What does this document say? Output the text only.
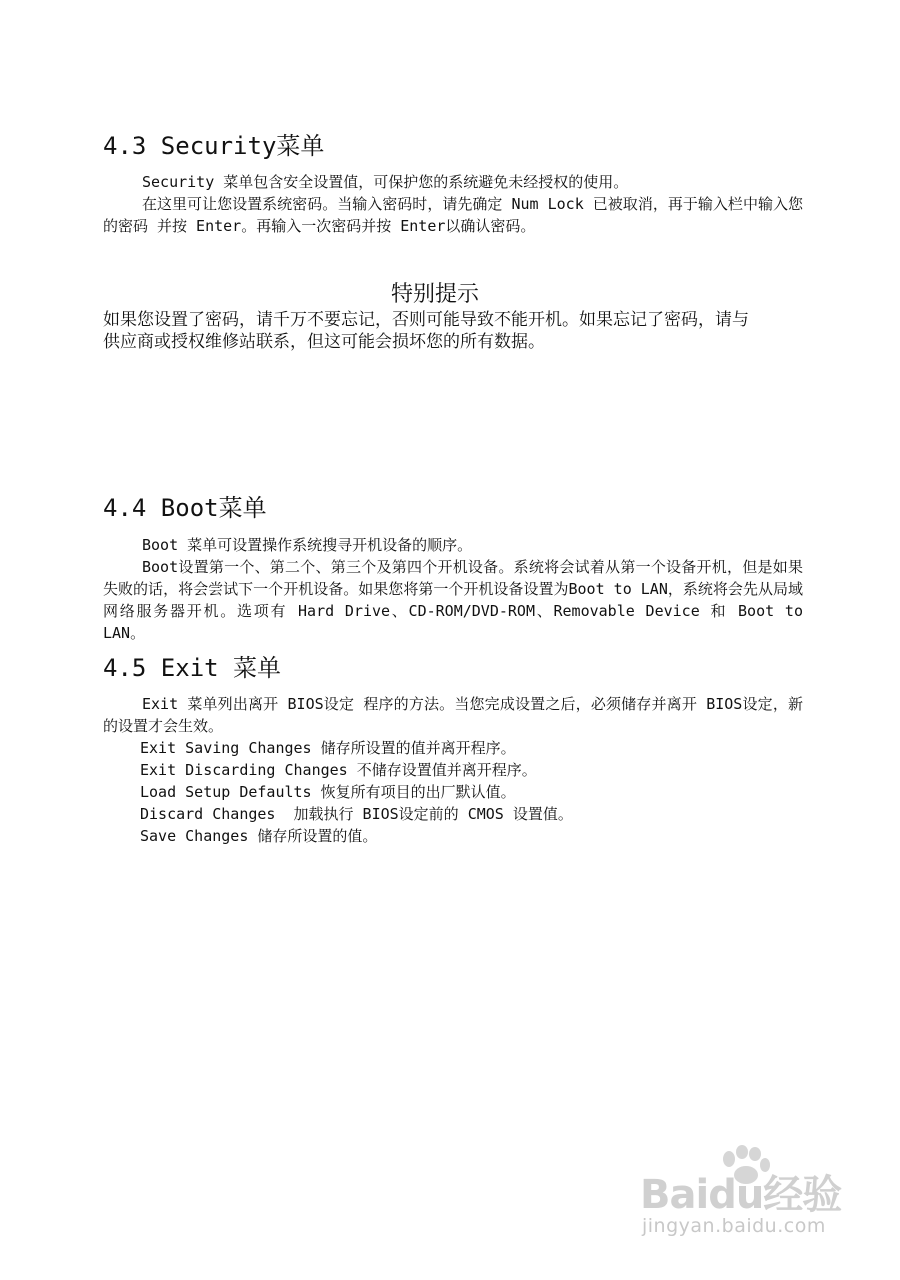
4.3 Security菜单

Security 菜单包含安全设置值，可保护您的系统避免未经授权的使用。

在这里可让您设置系统密码。当输入密码时，请先确定 Num Lock 已被取消，再于输入栏中输入您的密码 并按 Enter。再输入一次密码并按 Enter以确认密码。

特别提示

如果您设置了密码，请千万不要忘记，否则可能导致不能开机。如果忘记了密码，请与供应商或授权维修站联系，但这可能会损坏您的所有数据。

4.4 Boot菜单

Boot 菜单可设置操作系统搜寻开机设备的顺序。

Boot设置第一个、第二个、第三个及第四个开机设备。系统将会试着从第一个设备开机，但是如果失败的话，将会尝试下一个开机设备。如果您将第一个开机设备设置为Boot to LAN，系统将会先从局域网络服务器开机。选项有 Hard Drive、CD-ROM/DVD-ROM、Removable Device 和 Boot to LAN。

4.5 Exit 菜单

Exit 菜单列出离开 BIOS设定 程序的方法。当您完成设置之后，必须储存并离开 BIOS设定，新的设置才会生效。

Exit Saving Changes 储存所设置的值并离开程序。

Exit Discarding Changes 不储存设置值并离开程序。

Load Setup Defaults 恢复所有项目的出厂默认值。

Discard Changes  加载执行 BIOS设定前的 CMOS 设置值。

Save Changes 储存所设置的值。

Baidu经验
jingyan.baidu.com
